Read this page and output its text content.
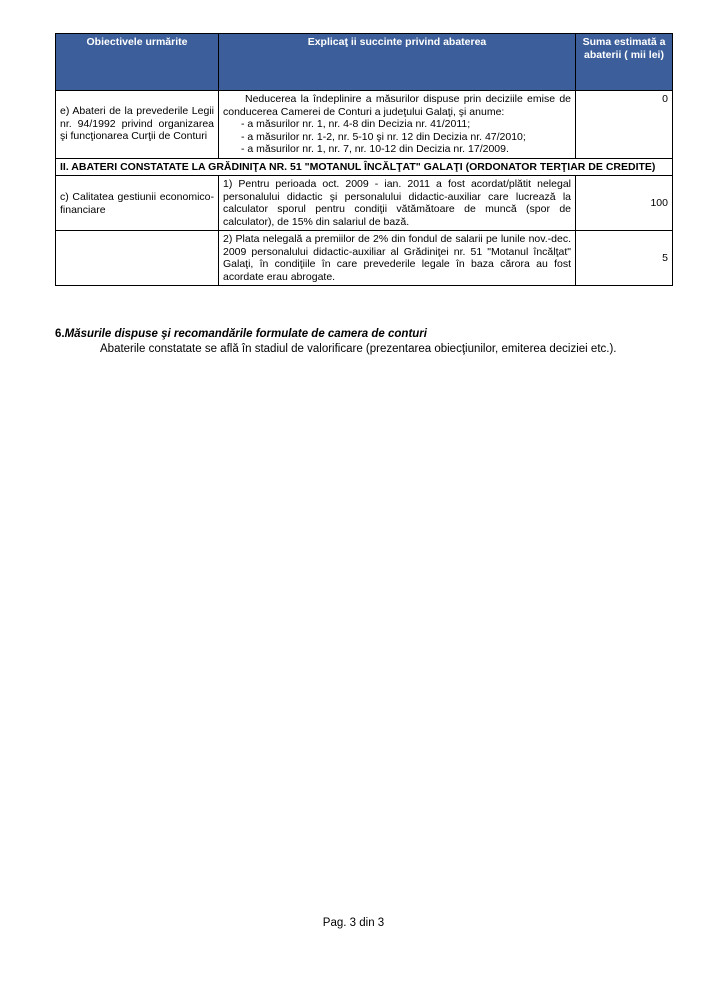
Obiectivele urmărite	Explicaţ ii succinte privind abaterea	Suma estimată a abaterii ( mii lei)
e) Abateri de la prevederile Legii nr. 94/1992 privind organizarea şi funcţionarea Curţii de Conturi	Neducerea la îndeplinire a măsurilor dispuse prin deciziile emise de conducerea Camerei de Conturi a judeţului Galaţi, şi anume:
- a măsurilor nr. 1, nr. 4-8 din Decizia nr. 41/2011;
- a măsurilor nr. 1-2, nr. 5-10 şi nr. 12 din Decizia nr. 47/2010;
- a măsurilor nr. 1, nr. 7, nr. 10-12 din Decizia nr. 17/2009.	0
II. ABATERI CONSTATATE LA GRĂDINIŢA NR. 51 "MOTANUL ÎNCĂLŢAT" GALAŢI (ORDONATOR TERŢIAR DE CREDITE)		
c) Calitatea gestiunii economico-financiare	1) Pentru perioada oct. 2009 - ian. 2011 a fost acordat/plătit nelegal personalului didactic şi personalului didactic-auxiliar care lucrează la calculator sporul pentru condiţii vătămătoare de muncă (spor de calculator), de 15% din salariul de bază.	100
	2) Plata nelegală a premiilor de 2% din fondul de salarii pe lunile nov.-dec. 2009 personalului didactic-auxiliar al Grădiniţei nr. 51 "Motanul încălţat" Galaţi, în condiţiile în care prevederile legale în baza cărora au fost acordate erau abrogate.	5
6.Măsurile dispuse şi recomandările formulate de camera de conturi
Abaterile constatate se află în stadiul de valorificare (prezentarea obiecţiunilor, emiterea deciziei etc.).
Pag. 3 din 3
